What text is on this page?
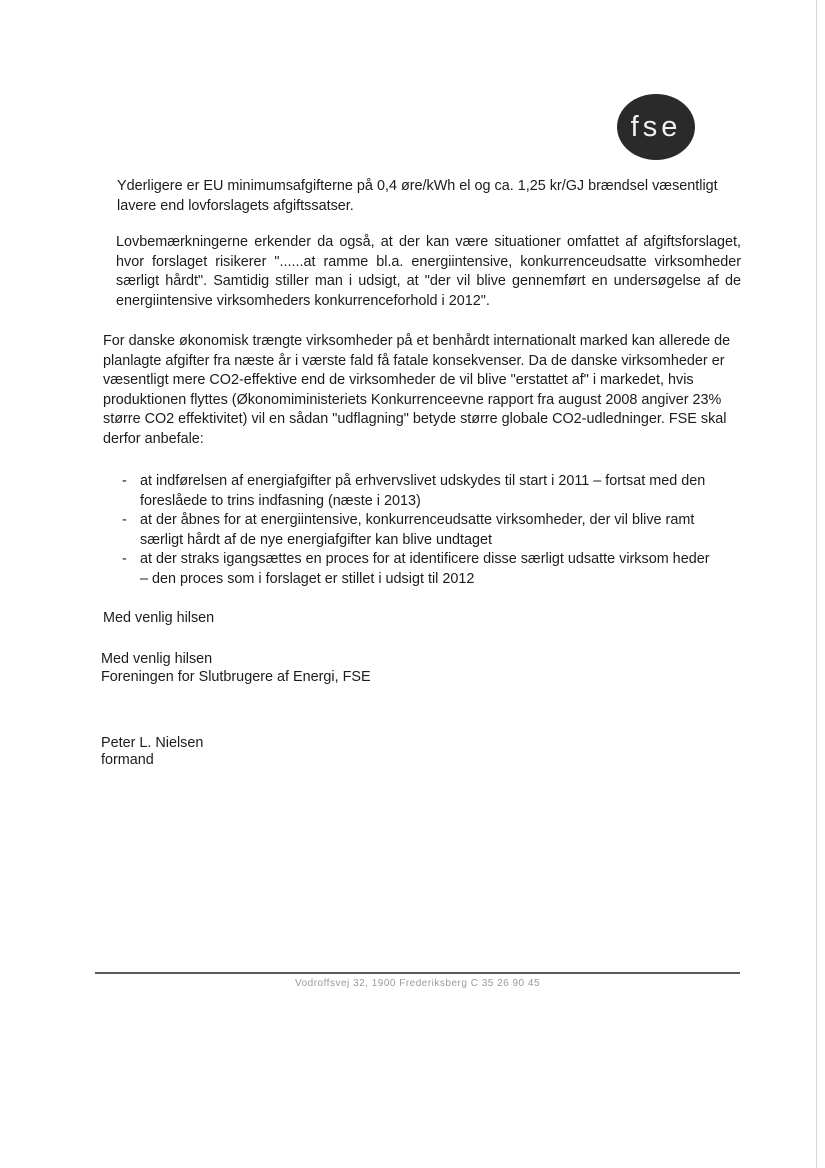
fse
Yderligere er EU minimumsafgifterne på 0,4 øre/kWh el og ca. 1,25 kr/GJ brændsel væsentligt lavere end lovforslagets afgiftssatser.
Lovbemærkningerne erkender da også, at der kan være situationer omfattet af afgiftsforslaget, hvor forslaget risikerer "......at ramme bl.a. energiintensive, konkurrenceudsatte virksomheder særligt hårdt". Samtidig stiller man i udsigt, at "der vil blive gennemført en undersøgelse af de energiintensive virksomheders konkurrenceforhold i 2012".
For danske økonomisk trængte virksomheder på et benhårdt internationalt marked kan allerede de planlagte afgifter fra næste år i værste fald få fatale konsekvenser. Da de danske virksomheder er væsentligt mere CO2-effektive end de virksomheder de vil blive "erstattet af" i markedet, hvis produktionen flyttes (Økonomiministeriets Konkurrenceevne rapport fra august 2008 angiver 23% større CO2 effektivitet) vil en sådan "udflagning" betyde større globale CO2-udledninger. FSE skal derfor anbefale:
- at indførelsen af energiafgifter på erhvervslivet udskydes til start i 2011 – fortsat med den foreslåede to trins indfasning (næste i 2013)
- at der åbnes for at energiintensive, konkurrenceudsatte virksomheder, der vil blive ramt særligt hårdt af de nye energiafgifter kan blive undtaget
- at der straks igangsættes en proces for at identificere disse særligt udsatte virksom heder – den proces som i forslaget er stillet i udsigt til 2012
Med venlig hilsen
Med venlig hilsen
Foreningen for Slutbrugere af Energi, FSE
Peter L. Nielsen
formand
Vodroffsvej 32, 1900 Frederiksberg C 35 26 90 45
